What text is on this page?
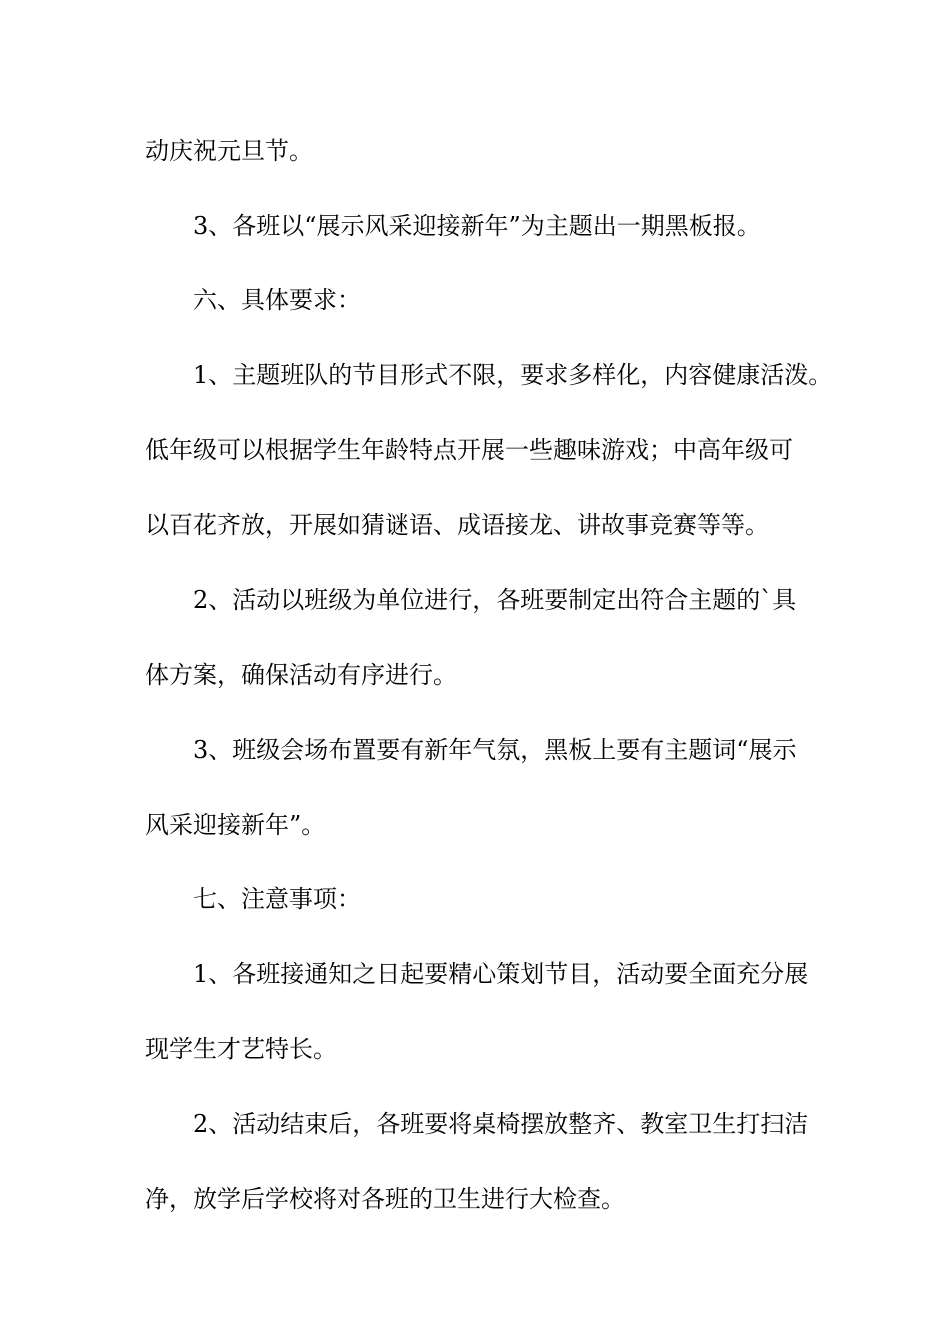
动庆祝元旦节。
3、各班以“展示风采迎接新年”为主题出一期黑板报。
六、具体要求：
1、主题班队的节目形式不限，要求多样化，内容健康活泼。
低年级可以根据学生年龄特点开展一些趣味游戏；中高年级可
以百花齐放，开展如猜谜语、成语接龙、讲故事竞赛等等。
2、活动以班级为单位进行，各班要制定出符合主题的`具
体方案，确保活动有序进行。
3、班级会场布置要有新年气氛，黑板上要有主题词“展示
风采迎接新年”。
七、注意事项：
1、各班接通知之日起要精心策划节目，活动要全面充分展
现学生才艺特长。
2、活动结束后，各班要将桌椅摆放整齐、教室卫生打扫洁
净，放学后学校将对各班的卫生进行大检查。
